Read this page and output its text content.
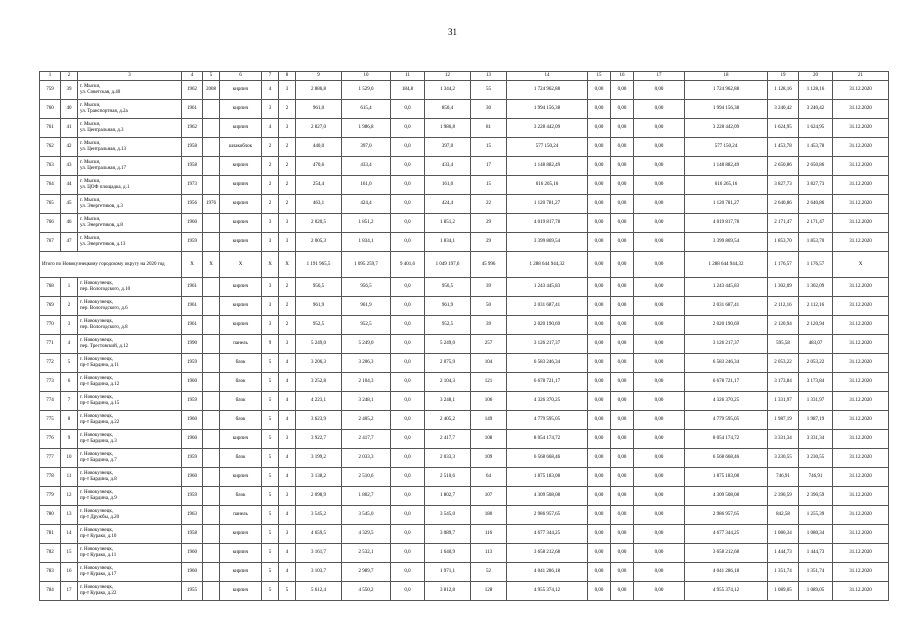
31
1	2	3	4	5	6	7	8	9	10	11	12	13	14	15	16	17	18	19	20	21
759	39	г. Мыски,
ул. Советская, д.40	1962	2008	кирпич	4	3	2 886,8	1 529,0	184,8	1 344,2	55	1 724 962,88	0,00	0,00	0,00	1 724 962,88	1 128,16	1 128,16	31.12.2020
760	40	г. Мыски,
ул. Транспортная, д.2а	1961		кирпич	3	2	961,0	615,4	0,0	850,4	30	1 994 156,38	0,00	0,00	0,00	1 994 156,38	3 240,42	3 240,42	31.12.2020
761	41	г. Мыски,
ул. Центральная, д.3	1962		кирпич	4	3	2 827,0	1 986,8	0,0	1 986,8	81	3 228 442,09	0,00	0,00	0,00	3 228 442,09	1 624,95	1 624,95	31.12.2020
762	42	г. Мыски,
ул. Центральная, д.13	1958		шлакоблок	2	2	440,0	397,0	0,0	397,0	15	577 150,24	0,00	0,00	0,00	577 150,24	1 453,78	1 453,78	31.12.2020
763	43	г. Мыски,
ул. Центральная, д.17	1958		кирпич	2	2	470,6	433,4	0,0	433,4	17	1 148 882,49	0,00	0,00	0,00	1 148 882,49	2 650,86	2 650,86	31.12.2020
764	44	г. Мыски,
ул. ЦОФ площадка, д.1	1973		кирпич	2	2	254,4	161,0	0,0	161,0	15	616 265,16	0,00	0,00	0,00	616 265,16	3 827,73	3 827,73	31.12.2020
765	45	г. Мыски,
ул. Энергетиков, д.3	1956	1976	кирпич	2	2	463,1	424,4	0,0	424,4	22	1 120 781,27	0,00	0,00	0,00	1 120 781,27	2 640,86	2 640,86	31.12.2020
766	46	г. Мыски,
ул. Энергетиков, д.8	1960		кирпич	3	3	2 020,5	1 851,2	0,0	1 851,2	29	4 019 817,78	0,00	0,00	0,00	4 019 817,78	2 171,47	2 171,47	31.12.2020
767	47	г. Мыски,
ул. Энергетиков, д.13	1959		кирпич	3	3	2 005,3	1 834,1	0,0	1 834,1	29	3 399 869,54	0,00	0,00	0,00	3 399 869,54	1 853,70	1 853,70	31.12.2020
Итого по Новокузнецкому городскому округу на 2020 год			X	X	X	X	X	1 191 965,5	1 095 259,7	9 401,6	1 049 197,6	45 996	1 288 644 944,32	0,00	0,00	0,00	1 288 644 944,32	1 176,57	1 176,57	X
768	1	г. Новокузнецк,
пер. Вологодского, д.10	1961		кирпич	3	2	956,5	956,5	0,0	956,5	39	1 243 445,83	0,00	0,00	0,00	1 243 445,83	1 302,09	1 302,09	31.12.2020
769	2	г. Новокузнецк,
пер. Вологодского, д.6	1961		кирпич	3	2	961,9	961,9	0,0	961,9	50	2 031 687,41	0,00	0,00	0,00	2 031 687,41	2 112,16	2 112,16	31.12.2020
770	3	г. Новокузнецк,
пер. Вологодского, д.8	1961		кирпич	3	2	952,5	952,5	0,0	952,5	39	2 020 190,69	0,00	0,00	0,00	2 020 190,69	2 120,94	2 120,94	31.12.2020
771	4	г. Новокузнецк,
пер. Трестовский, д.12	1990		панель	9	3	5 249,0	5 249,0	0,0	5 249,0	257	3 126 217,37	0,00	0,00	0,00	3 126 217,37	595,58	483,07	31.12.2020
772	5	г. Новокузнецк,
пр-т Бардина, д.11	1959		блок	5	4	3 206,3	3 206,3	0,0	2 075,9	104	6 583 246,34	0,00	0,00	0,00	6 583 246,34	2 053,22	2 053,22	31.12.2020
773	6	г. Новокузнецк,
пр-т Бардина, д.12	1960		блок	5	4	3 252,8	2 104,3	0,0	2 104,3	121	6 678 721,17	0,00	0,00	0,00	6 678 721,17	3 173,84	3 173,84	31.12.2020
774	7	г. Новокузнецк,
пр-т Бардина, д.15	1959		блок	5	4	4 223,1	3 248,1	0,0	3 248,1	106	4 326 370,25	0,00	0,00	0,00	4 326 370,25	1 331,97	1 331,97	31.12.2020
775	8	г. Новокузнецк,
пр-т Бардина, д.22	1960		блок	5	4	3 623,9	2 405,2	0,0	2 405,2	149	4 779 595,05	0,00	0,00	0,00	4 779 595,05	1 987,19	1 987,19	31.12.2020
776	9	г. Новокузнецк,
пр-т Бардина, д.3	1960		кирпич	5	3	3 922,7	2 417,7	0,0	2 417,7	108	8 054 174,72	0,00	0,00	0,00	8 054 174,72	3 331,34	3 331,34	31.12.2020
777	10	г. Новокузнецк,
пр-т Бардина, д.7	1959		блок	5	4	3 199,2	2 033,3	0,0	2 033,3	109	6 568 668,46	0,00	0,00	0,00	6 568 668,46	3 230,55	3 230,55	31.12.2020
778	11	г. Новокузнецк,
пр-т Бардина, д.8	1960		кирпич	5	4	3 138,2	2 510,6	0,0	2 510,6	64	1 875 183,08	0,00	0,00	0,00	1 875 183,08	746,91	746,91	31.12.2020
779	12	г. Новокузнецк,
пр-т Бардина, д.9	1959		блок	5	3	2 098,9	1 802,7	0,0	1 802,7	107	4 309 508,08	0,00	0,00	0,00	4 309 508,08	2 390,59	2 390,59	31.12.2020
780	13	г. Новокузнецк,
пр-т Дружбы, д.20	1963		панель	5	4	3 545,2	3 545,0	0,0	3 545,0	180	2 986 957,65	0,00	0,00	0,00	2 986 957,65	842,58	1 255,39	31.12.2020
781	14	г. Новокузнецк,
пр-т Курако, д.10	1958		кирпич	5	3	4 659,5	4 329,5	0,0	3 089,7	116	4 677 344,25	0,00	0,00	0,00	4 677 344,25	1 080,34	1 080,34	31.12.2020
782	15	г. Новокузнецк,
пр-т Курако, д.11	1960		кирпич	5	4	3 161,7	2 532,1	0,0	1 640,9	113	3 658 212,68	0,00	0,00	0,00	3 658 212,68	1 444,73	1 444,73	31.12.2020
783	16	г. Новокузнецк,
пр-т Курако, д.17	1960		кирпич	5	4	3 103,7	2 989,7	0,0	1 971,1	52	4 041 286,18	0,00	0,00	0,00	4 041 286,18	1 351,74	1 351,74	31.12.2020
784	17	г. Новокузнецк,
пр-т Курако, д.22	1955		кирпич	5	5	5 612,4	4 550,2	0,0	3 812,8	128	4 955 374,12	0,00	0,00	0,00	4 955 374,12	1 089,05	1 089,05	31.12.2020
